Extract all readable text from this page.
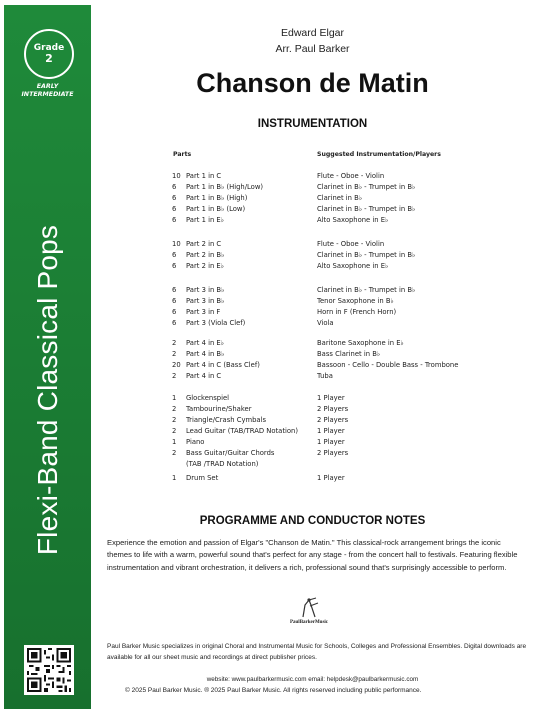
Grade
2
EARLY
INTERMEDIATE
Flexi-Band Classical Pops
Edward Elgar
Arr. Paul Barker
Chanson de Matin
INSTRUMENTATION
Parts	Suggested Instrumentation/Players
10 Part 1 in C	Flute - Oboe - Violin
6	Part 1 in B♭ (High/Low)	Clarinet in B♭ - Trumpet in B♭
6	Part 1 in B♭ (High)	Clarinet in B♭
6	Part 1 in B♭ (Low)	Clarinet in B♭ - Trumpet in B♭
6	Part 1 in E♭	Alto Saxophone in E♭
10 Part 2 in C	Flute - Oboe - Violin
6	Part 2 in B♭	Clarinet in B♭ - Trumpet in B♭
6	Part 2 in E♭	Alto Saxophone in E♭
6	Part 3 in B♭	Clarinet in B♭ - Trumpet in B♭
6	Part 3 in B♭	Tenor Saxophone in B♭
6	Part 3 in F	Horn in F (French Horn)
6	Part 3 (Viola Clef)	Viola
2	Part 4 in E♭	Baritone Saxophone in E♭
2	Part 4 in B♭	Bass Clarinet in B♭
20 Part 4 in C (Bass Clef)	Bassoon - Cello - Double Bass - Trombone
2	Part 4 in C	Tuba
1	Glockenspiel	1 Player
2	Tambourine/Shaker	2 Players
2	Triangle/Crash Cymbals	2 Players
2	Lead Guitar (TAB/TRAD Notation)	1 Player
1	Piano	1 Player
2	Bass Guitar/Guitar Chords	2 Players
(TAB /TRAD Notation)
1	Drum Set	1 Player
PROGRAMME AND CONDUCTOR NOTES
Experience the emotion and passion of Elgar's "Chanson de Matin." This classical-rock arrangement brings the iconic themes to life with a warm, powerful sound that's perfect for any stage - from the concert hall to festivals. Featuring flexible instrumentation and vibrant orchestration, it delivers a rich, professional sound that's surprisingly accessible to perform.
PaulBarkerMusic
Paul Barker Music specializes in original Choral and Instrumental Music for Schools, Colleges and Professional Ensembles. Digital downloads are available for all our sheet music and recordings at direct publisher prices.
website: www.paulbarkermusic.com email: helpdesk@paulbarkermusic.com
© 2025 Paul Barker Music. ® 2025 Paul Barker Music. All rights reserved including public performance.
